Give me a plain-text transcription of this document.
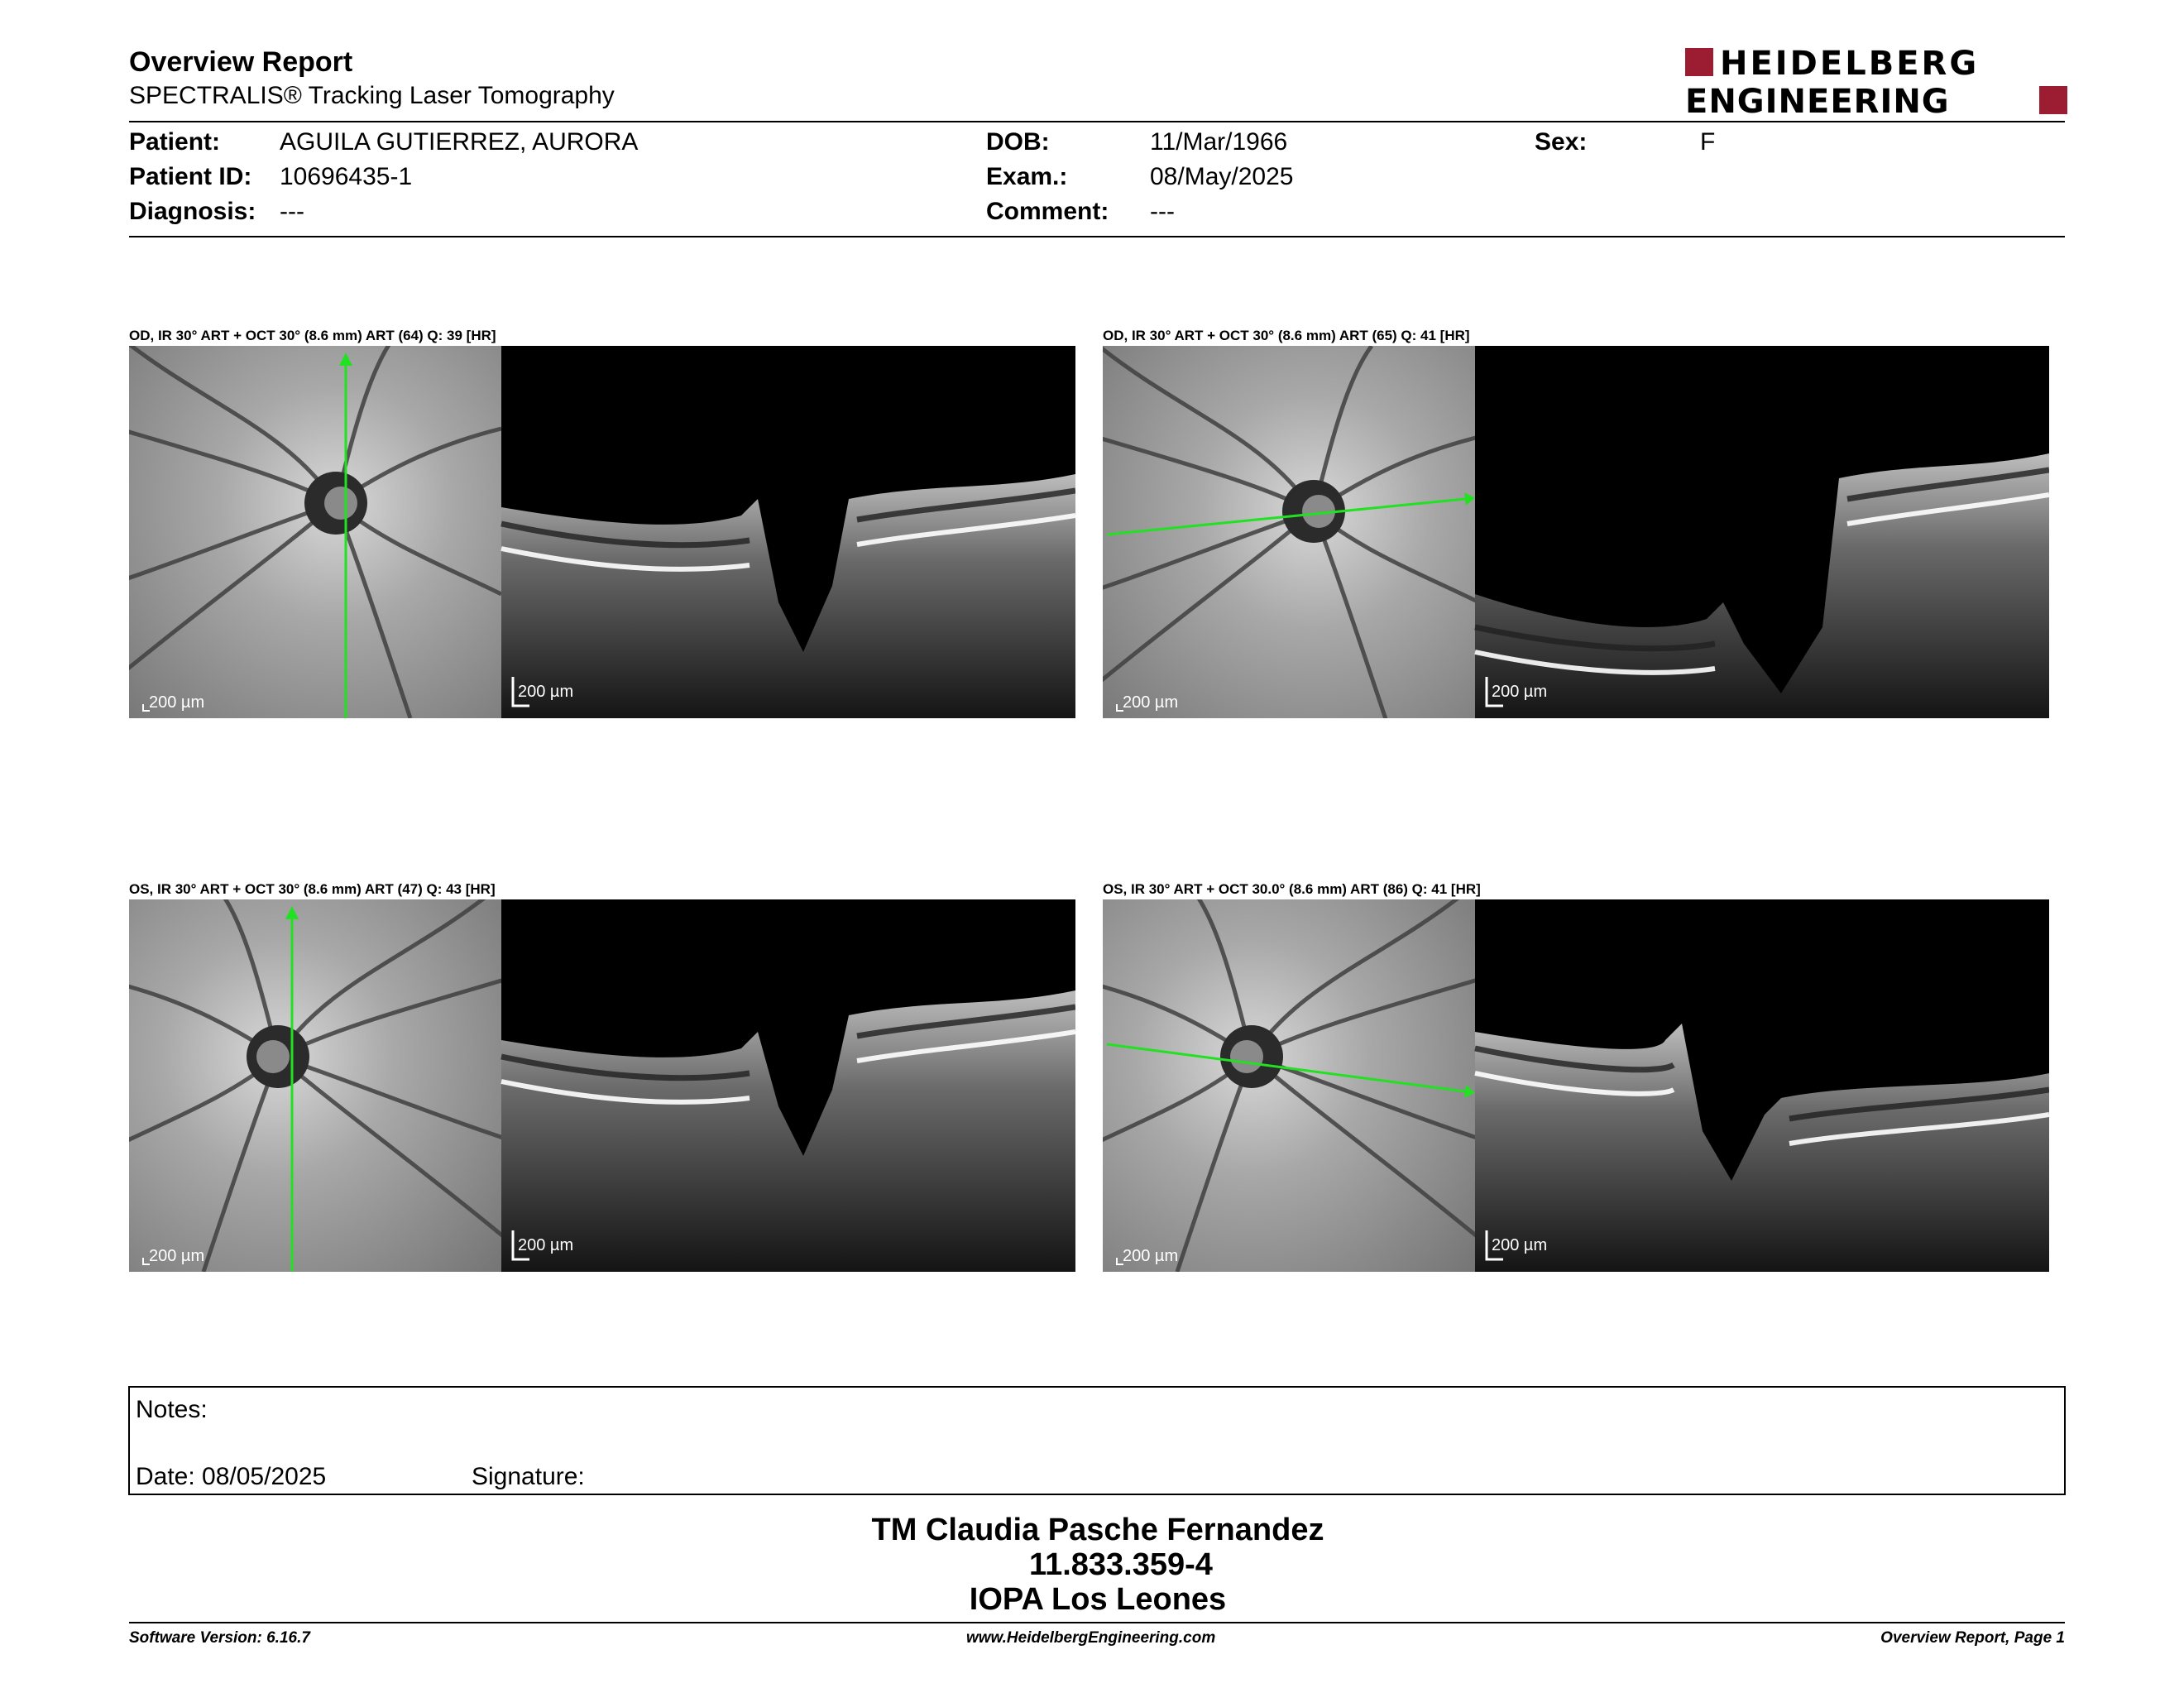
Overview Report
SPECTRALIS® Tracking Laser Tomography
HEIDELBERG
ENGINEERING
Patient: AGUILA GUTIERREZ, AURORA
Patient ID: 10696435-1
Diagnosis: ---
DOB:	11/Mar/1966
Exam.:	08/May/2025
Comment: ---
Sex:	F
OD, IR 30° ART + OCT 30° (8.6 mm) ART (64) Q: 39 [HR]
200 µm
200 µm
OD, IR 30° ART + OCT 30° (8.6 mm) ART (65) Q: 41 [HR]
200 µm
200 µm
OS, IR 30° ART + OCT 30° (8.6 mm) ART (47) Q: 43 [HR]
200 µm
200 µm
OS, IR 30° ART + OCT 30.0° (8.6 mm) ART (86) Q: 41 [HR]
200 µm
200 µm
Notes:
Date: 08/05/2025	Signature:
TM Claudia Pasche Fernandez
11.833.359-4
IOPA Los Leones
Software Version: 6.16.7	www.HeidelbergEngineering.com	Overview Report, Page 1
